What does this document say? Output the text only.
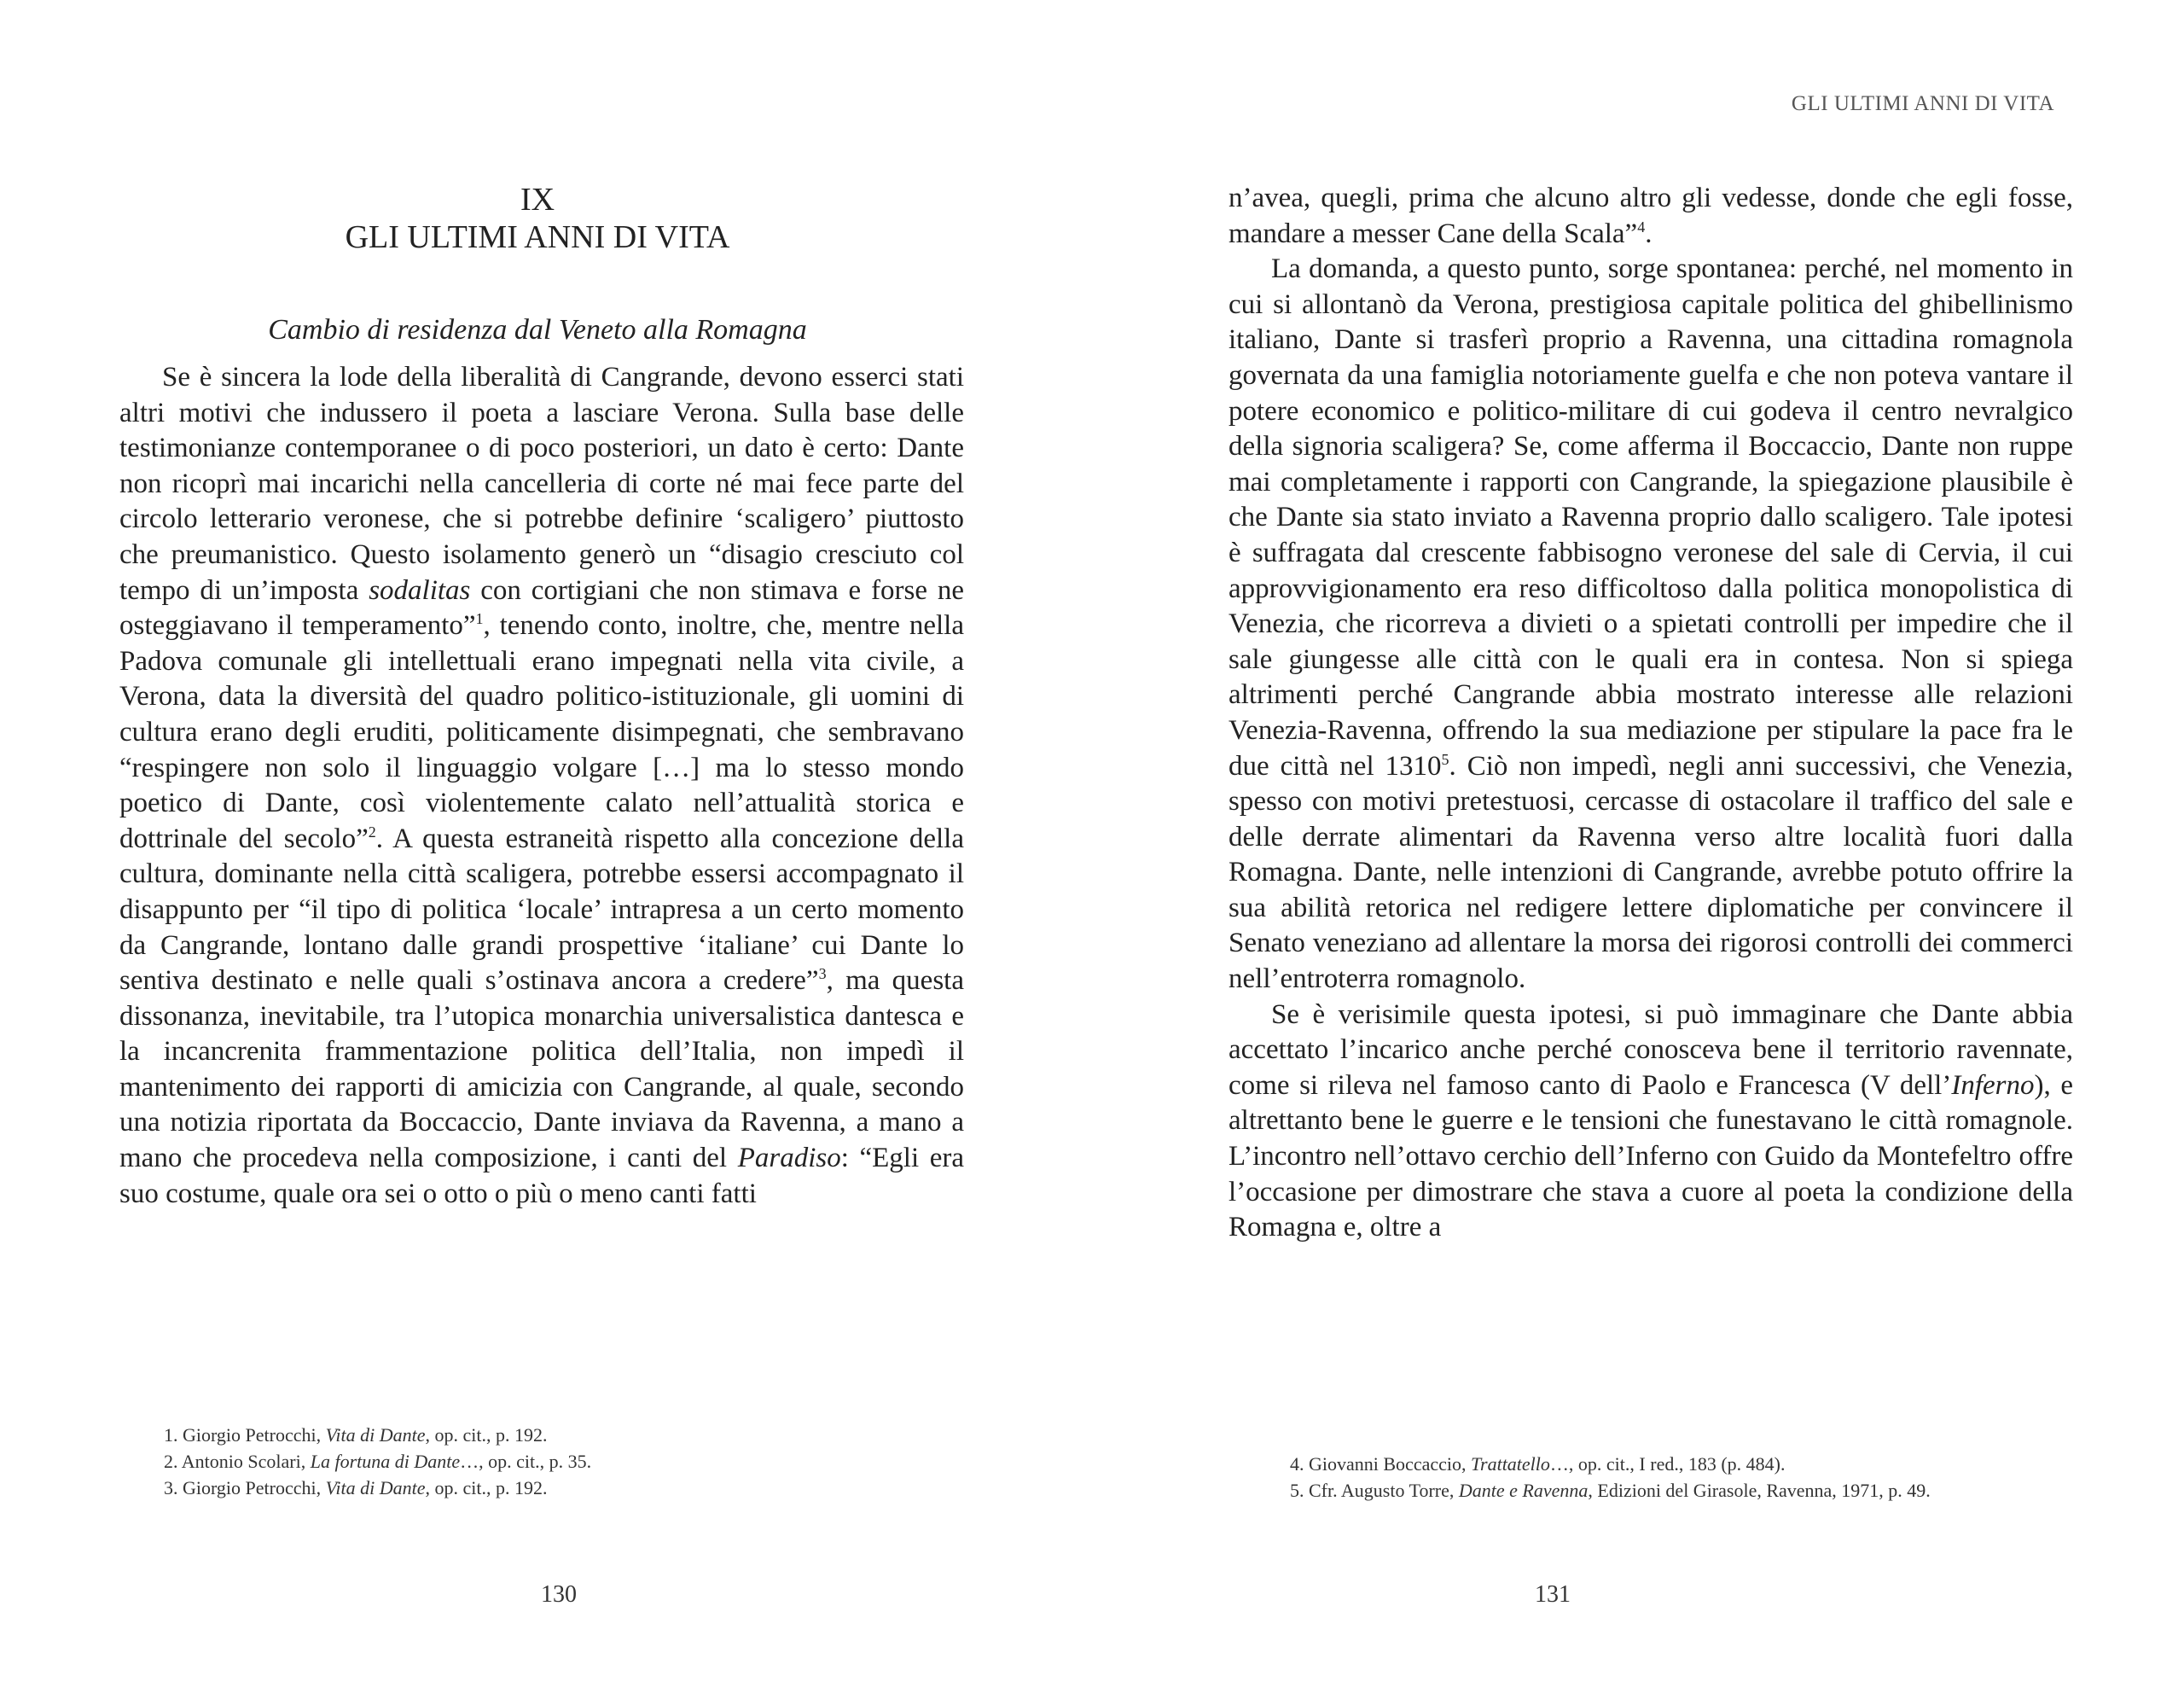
IX
GLI ULTIMI ANNI DI VITA
Cambio di residenza dal Veneto alla Romagna

Se è sincera la lode della liberalità di Cangrande, devono esserci stati altri motivi che indussero il poeta a lasciare Verona. Sulla base delle testimonianze contemporanee o di poco posteriori, un dato è certo: Dante non ricoprì mai incarichi nella cancelleria di corte né mai fece parte del circolo letterario veronese, che si potrebbe definire ‘scaligero’ piuttosto che preumanistico. Questo isolamento generò un “disagio cresciuto col tempo di un’imposta sodalitas con cortigiani che non stimava e forse ne osteggiavano il temperamento”$^1$, tenendo conto, inoltre, che, mentre nella Padova comunale gli intellettuali erano impegnati nella vita civile, a Verona, data la diversità del quadro politico-istituzionale, gli uomini di cultura erano degli eruditi, politicamente disimpegnati, che sembravano “respingere non solo il linguaggio volgare […] ma lo stesso mondo poetico di Dante, così violentemente calato nell’attualità storica e dottrinale del secolo”$^2$. A questa estraneità rispetto alla concezione della cultura, dominante nella città scaligera, potrebbe essersi accompagnato il disappunto per “il tipo di politica ‘locale’ intrapresa a un certo momento da Cangrande, lontano dalle grandi prospettive ‘italiane’ cui Dante lo sentiva destinato e nelle quali s’ostinava ancora a credere”$^3$, ma questa dissonanza, inevitabile, tra l’utopica monarchia universalistica dantesca e la incancrenita frammentazione politica dell’Italia, non impedì il mantenimento dei rapporti di amicizia con Cangrande, al quale, secondo una notizia riportata da Boccaccio, Dante inviava da Ravenna, a mano a mano che procedeva nella composizione, i canti del Paradiso: “Egli era suo costume, quale ora sei o otto o più o meno canti fatti

1. Giorgio Petrocchi, Vita di Dante, op. cit., p. 192.
2. Antonio Scolari, La fortuna di Dante…, op. cit., p. 35.
3. Giorgio Petrocchi, Vita di Dante, op. cit., p. 192.
130
GLI ULTIMI ANNI DI VITA

n’avea, quegli, prima che alcuno altro gli vedesse, donde che egli fosse, mandare a messer Cane della Scala”$^4$.

La domanda, a questo punto, sorge spontanea: perché, nel momento in cui si allontanò da Verona, prestigiosa capitale politica del ghibellinismo italiano, Dante si trasferì proprio a Ravenna, una cittadina romagnola governata da una famiglia notoriamente guelfa e che non poteva vantare il potere economico e politico-militare di cui godeva il centro nevralgico della signoria scaligera? Se, come afferma il Boccaccio, Dante non ruppe mai completamente i rapporti con Cangrande, la spiegazione plausibile è che Dante sia stato inviato a Ravenna proprio dallo scaligero. Tale ipotesi è suffragata dal crescente fabbisogno veronese del sale di Cervia, il cui approvvigionamento era reso difficoltoso dalla politica monopolistica di Venezia, che ricorreva a divieti o a spietati controlli per impedire che il sale giungesse alle città con le quali era in contesa. Non si spiega altrimenti perché Cangrande abbia mostrato interesse alle relazioni Venezia-Ravenna, offrendo la sua mediazione per stipulare la pace fra le due città nel 1310$^5$. Ciò non impedì, negli anni successivi, che Venezia, spesso con motivi pretestuosi, cercasse di ostacolare il traffico del sale e delle derrate alimentari da Ravenna verso altre località fuori dalla Romagna. Dante, nelle intenzioni di Cangrande, avrebbe potuto offrire la sua abilità retorica nel redigere lettere diplomatiche per convincere il Senato veneziano ad allentare la morsa dei rigorosi controlli dei commerci nell’entroterra romagnolo.

Se è verisimile questa ipotesi, si può immaginare che Dante abbia accettato l’incarico anche perché conosceva bene il territorio ravennate, come si rileva nel famoso canto di Paolo e Francesca (V dell’Inferno), e altrettanto bene le guerre e le tensioni che funestavano le città romagnole. L’incontro nell’ottavo cerchio dell’Inferno con Guido da Montefeltro offre l’occasione per dimostrare che stava a cuore al poeta la condizione della Romagna e, oltre a

4. Giovanni Boccaccio, Trattatello…, op. cit., I red., 183 (p. 484).
5. Cfr. Augusto Torre, Dante e Ravenna, Edizioni del Girasole, Ravenna, 1971, p. 49.
131
